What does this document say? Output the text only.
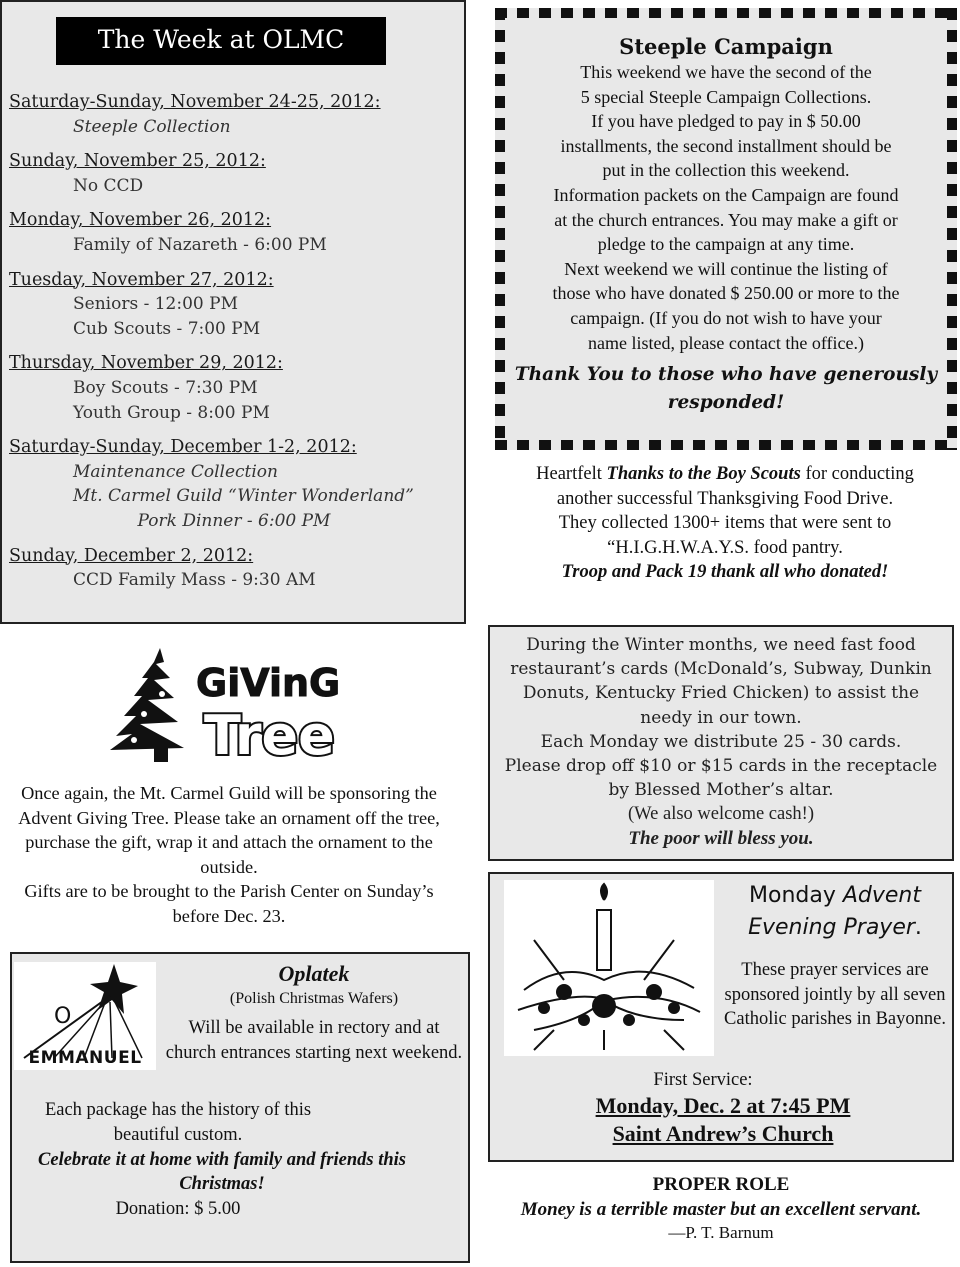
The Week at OLMC
Saturday-Sunday, November 24-25, 2012:
Steeple Collection
Sunday, November 25, 2012:
No CCD
Monday, November 26, 2012:
Family of Nazareth - 6:00 PM
Tuesday, November 27, 2012:
Seniors - 12:00 PM
Cub Scouts - 7:00 PM
Thursday, November 29, 2012:
Boy Scouts - 7:30 PM
Youth Group - 8:00 PM
Saturday-Sunday, December 1-2, 2012:
Maintenance Collection
Mt. Carmel Guild “Winter Wonderland”
Pork Dinner - 6:00 PM
Sunday, December 2, 2012:
CCD Family Mass - 9:30 AM
Steeple Campaign
This weekend we have the second of the
5 special Steeple Campaign Collections.
If you have pledged to pay in $ 50.00
installments, the second installment should be
put in the collection this weekend.
Information packets on the Campaign are found
at the church entrances. You may make a gift or
pledge to the campaign at any time.
Next weekend we will continue the listing of
those who have donated $ 250.00 or more to the
campaign. (If you do not wish to have your
name listed, please contact the office.)
Thank You to those who have generously responded!
Heartfelt Thanks to the Boy Scouts for conducting
another successful Thanksgiving Food Drive.
They collected 1300+ items that were sent to
“H.I.G.H.W.A.Y.S. food pantry.
Troop and Pack 19 thank all who donated!
GiVinG
Tree
Once again, the Mt. Carmel Guild will be sponsoring the Advent Giving Tree. Please take an ornament off the tree, purchase the gift, wrap it and attach the ornament to the outside.
Gifts are to be brought to the Parish Center on Sunday’s before Dec. 23.
During the Winter months, we need fast food restaurant’s cards (McDonald’s, Subway, Dunkin Donuts, Kentucky Fried Chicken) to assist the needy in our town.
Each Monday we distribute 25 - 30 cards.
Please drop off $10 or $15 cards in the receptacle by Blessed Mother’s altar.
(We also welcome cash!)
The poor will bless you.
O
EMMANUEL
Oplatek
(Polish Christmas Wafers)
Will be available in rectory and at church entrances starting next weekend.
Each package has the history of this beautiful custom.
Celebrate it at home with family and friends this Christmas!
Donation: $ 5.00
Monday Advent
Evening Prayer.
These prayer services are sponsored jointly by all seven Catholic parishes in Bayonne.
First Service:
Monday, Dec. 2 at 7:45 PM
Saint Andrew’s Church
PROPER ROLE
Money is a terrible master but an excellent servant.
—P. T. Barnum
